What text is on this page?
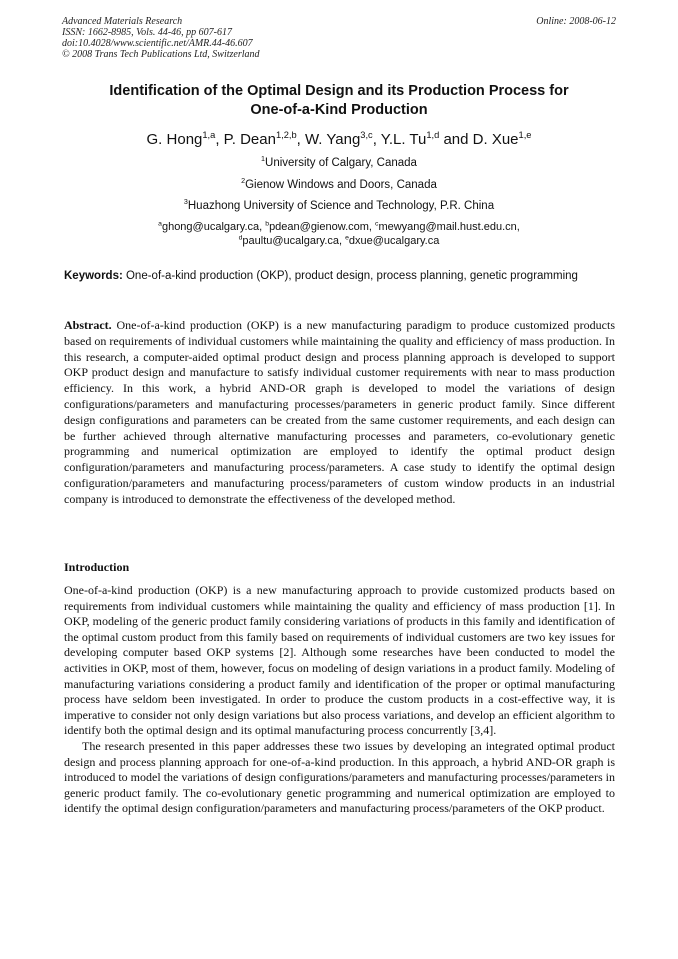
Advanced Materials Research
ISSN: 1662-8985, Vols. 44-46, pp 607-617
doi:10.4028/www.scientific.net/AMR.44-46.607
© 2008 Trans Tech Publications Ltd, Switzerland
Online: 2008-06-12
Identification of the Optimal Design and its Production Process for
One-of-a-Kind Production
G. Hong$^{1,a}$, P. Dean$^{1,2,b}$, W. Yang$^{3,c}$, Y.L. Tu$^{1,d}$ and D. Xue$^{1,e}$
$^1$University of Calgary, Canada
$^2$Gienow Windows and Doors, Canada
$^3$Huazhong University of Science and Technology, P.R. China
$^a$ghong@ucalgary.ca, $^b$pdean@gienow.com, $^c$mewyang@mail.hust.edu.cn,
$^d$paultu@ucalgary.ca, $^e$dxue@ucalgary.ca
Keywords: One-of-a-kind production (OKP), product design, process planning, genetic programming
Abstract. One-of-a-kind production (OKP) is a new manufacturing paradigm to produce customized products based on requirements of individual customers while maintaining the quality and efficiency of mass production. In this research, a computer-aided optimal product design and process planning approach is developed to support OKP product design and manufacture to satisfy individual customer requirements with near to mass production efficiency. In this work, a hybrid AND-OR graph is developed to model the variations of design configurations/parameters and manufacturing processes/parameters in generic product family. Since different design configurations and parameters can be created from the same customer requirements, and each design can be further achieved through alternative manufacturing processes and parameters, co-evolutionary genetic programming and numerical optimization are employed to identify the optimal product design configuration/parameters and manufacturing process/parameters. A case study to identify the optimal design configuration/parameters and manufacturing process/parameters of custom window products in an industrial company is introduced to demonstrate the effectiveness of the developed method.
Introduction

One-of-a-kind production (OKP) is a new manufacturing approach to provide customized products based on requirements from individual customers while maintaining the quality and efficiency of mass production [1]. In OKP, modeling of the generic product family considering variations of products in this family and identification of the optimal custom product from this family based on requirements of individual customers are two key issues for developing computer based OKP systems [2]. Although some researches have been conducted to model the activities in OKP, most of them, however, focus on modeling of design variations in a product family. Modeling of manufacturing variations considering a product family and identification of the proper or optimal manufacturing process have seldom been investigated. In order to produce the custom products in a cost-effective way, it is imperative to consider not only design variations but also process variations, and develop an efficient algorithm to identify both the optimal design and its optimal manufacturing process concurrently [3,4].

The research presented in this paper addresses these two issues by developing an integrated optimal product design and process planning approach for one-of-a-kind production. In this approach, a hybrid AND-OR graph is introduced to model the variations of design configurations/parameters and manufacturing processes/parameters in generic product family. The co-evolutionary genetic programming and numerical optimization are employed to identify the optimal design configuration/parameters and manufacturing process/parameters of the OKP product.
